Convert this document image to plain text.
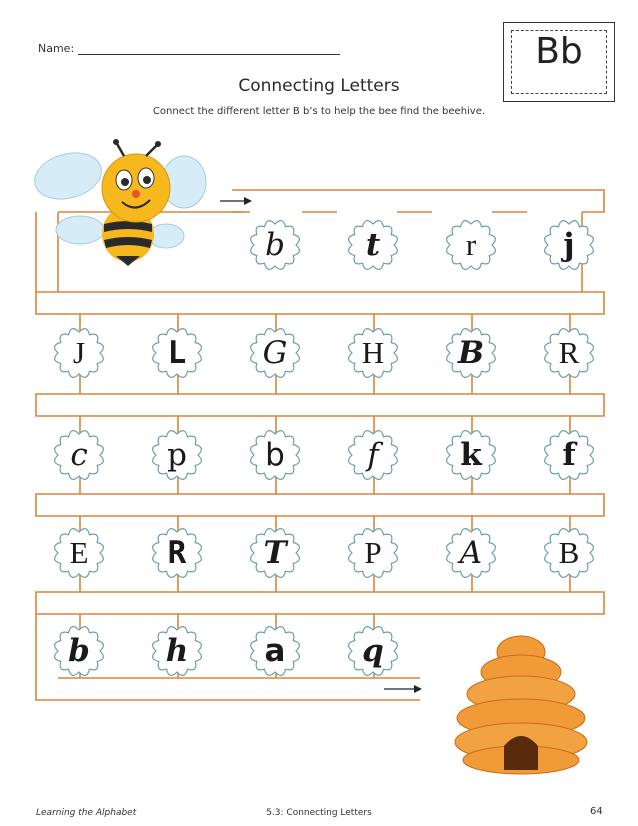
Name:
Connecting Letters
Connect the different letter B b’s to help the bee find the beehive.
Bb
b	t	r	j
J	L	G	H	B	R
c	p	b	f	k	f
E	R	T	P	A	B
b	h	a	q
Learning the Alphabet	5.3: Connecting Letters	64
